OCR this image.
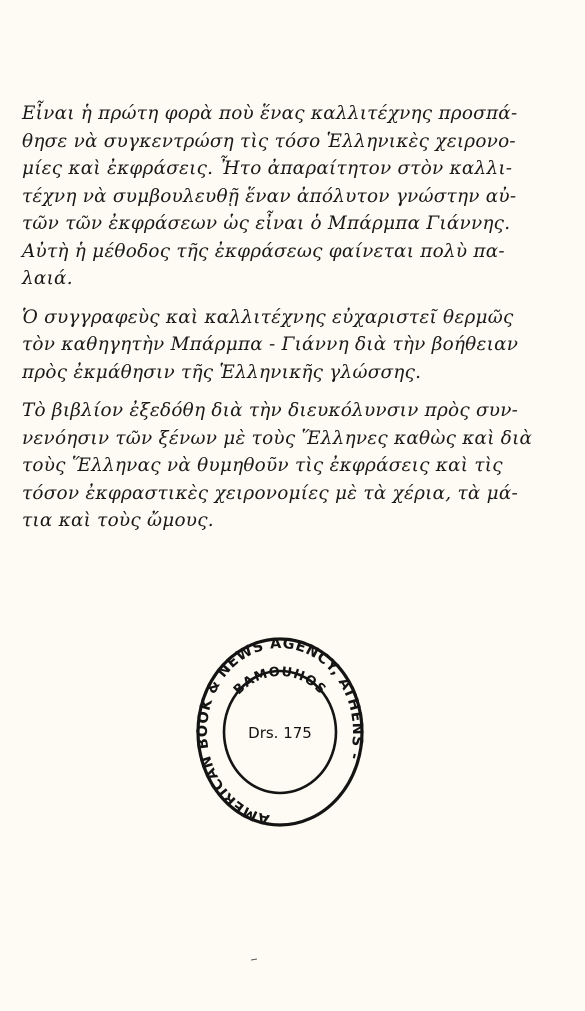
Εἶναι ἡ πρώτη φορὰ ποὺ ἕνας καλλιτέχνης προσπά-
θησε νὰ συγκεντρώση τὶς τόσο Ἑλληνικὲς χειρονο-
μίες καὶ ἐκφράσεις. Ἦτο ἀπαραίτητον στὸν καλλι-
τέχνη νὰ συμβουλευθῇ ἕναν ἀπόλυτον γνώστην αὐ-
τῶν τῶν ἐκφράσεων ὡς εἶναι ὁ Μπάρμπα Γιάννης.
Αὐτὴ ἡ μέθοδος τῆς ἐκφράσεως φαίνεται πολὺ πα-
λαιά.

Ὁ συγγραφεὺς καὶ καλλιτέχνης εὐχαριστεῖ θερμῶς
τὸν καθηγητὴν Μπάρμπα - Γιάννη διὰ τὴν βοήθειαν
πρὸς ἐκμάθησιν τῆς Ἑλληνικῆς γλώσσης.

Τὸ βιβλίον ἐξεδόθη διὰ τὴν διευκόλυνσιν πρὸς συν-
νενόησιν τῶν ξένων μὲ τοὺς Ἕλληνες καθὼς καὶ διὰ
τοὺς Ἕλληνας νὰ θυμηθοῦν τὶς ἐκφράσεις καὶ τὶς
τόσον ἐκφραστικὲς χειρονομίες μὲ τὰ χέρια, τὰ μά-
τια καὶ τοὺς ὤμους.

AMERICAN BOOK & NEWS AGENCY, ATHENS -
BAMOUHOS
Drs. 175
